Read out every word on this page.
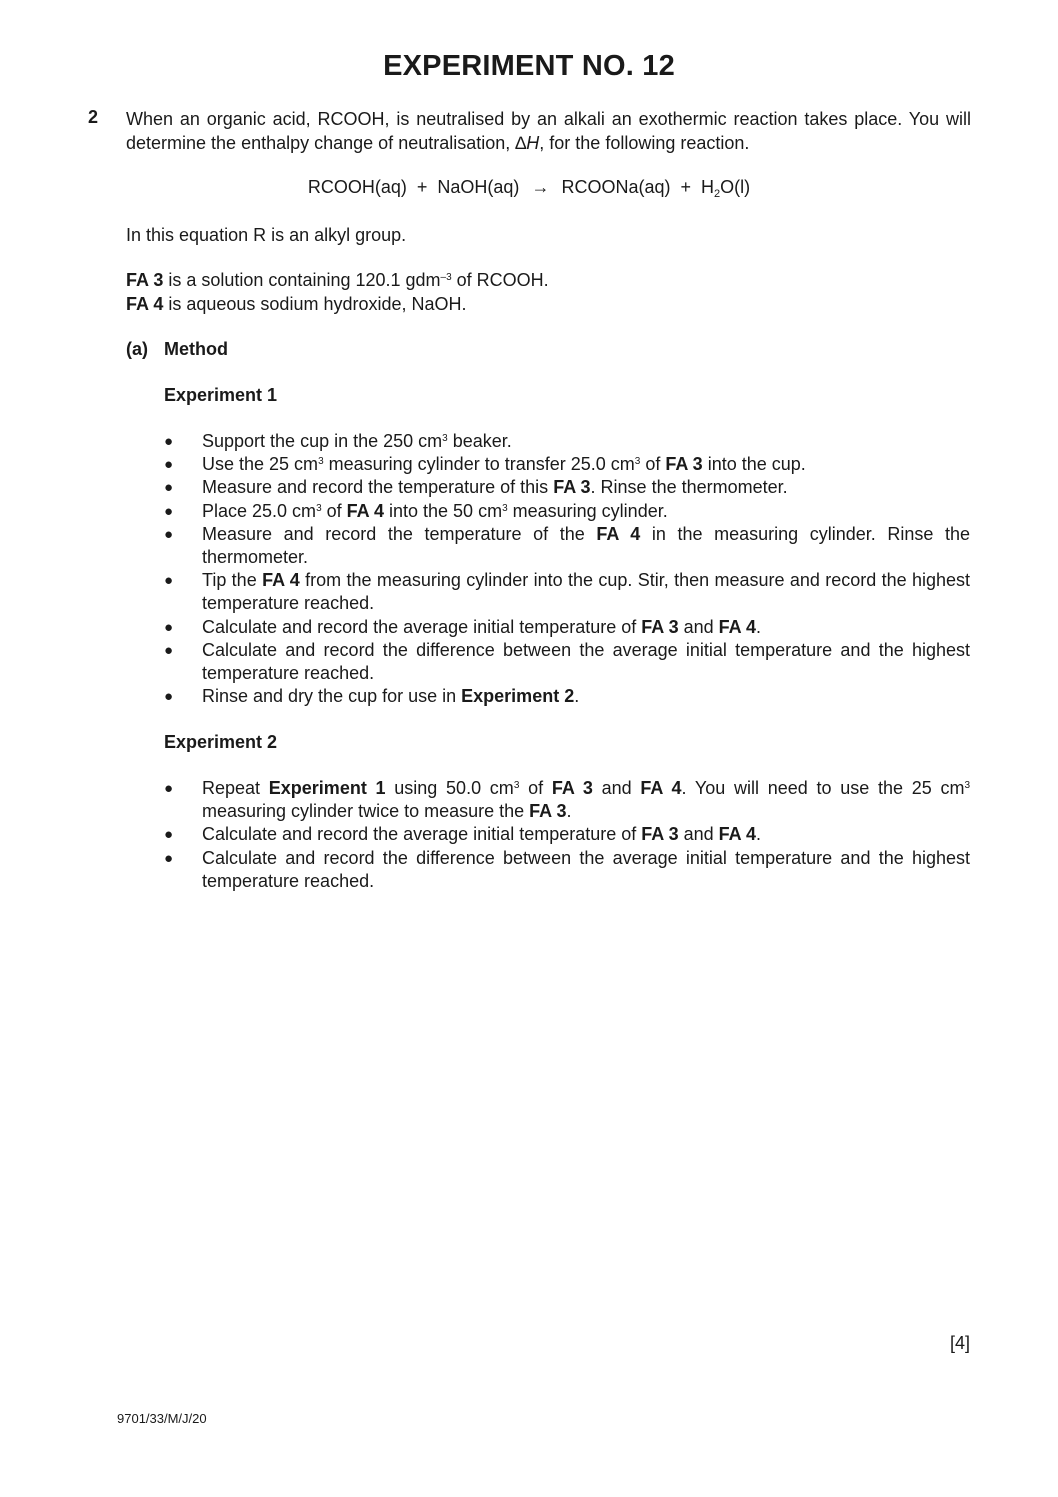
EXPERIMENT NO. 12
2 When an organic acid, RCOOH, is neutralised by an alkali an exothermic reaction takes place. You will determine the enthalpy change of neutralisation, ∆H, for the following reaction.
RCOOH(aq) + NaOH(aq) → RCOONa(aq) + $H_2O(l)$
In this equation R is an alkyl group.
FA 3 is a solution containing 120.1 gdm$^{-3}$ of RCOOH.
FA 4 is aqueous sodium hydroxide, NaOH.
(a) Method
Experiment 1
● Support the cup in the 250 $cm^3$ beaker.
● Use the 25 $cm^3$ measuring cylinder to transfer 25.0 $cm^3$ of FA 3 into the cup.
● Measure and record the temperature of this FA 3. Rinse the thermometer.
● Place 25.0 $cm^3$ of FA 4 into the 50 $cm^3$ measuring cylinder.
● Measure and record the temperature of the FA 4 in the measuring cylinder. Rinse the thermometer.
● Tip the FA 4 from the measuring cylinder into the cup. Stir, then measure and record the highest temperature reached.
● Calculate and record the average initial temperature of FA 3 and FA 4.
● Calculate and record the difference between the average initial temperature and the highest temperature reached.
● Rinse and dry the cup for use in Experiment 2.
Experiment 2
● Repeat Experiment 1 using 50.0 $cm^3$ of FA 3 and FA 4. You will need to use the 25 $cm^3$ measuring cylinder twice to measure the FA 3.
● Calculate and record the average initial temperature of FA 3 and FA 4.
● Calculate and record the difference between the average initial temperature and the highest temperature reached.
[4]
9701/33/M/J/20
